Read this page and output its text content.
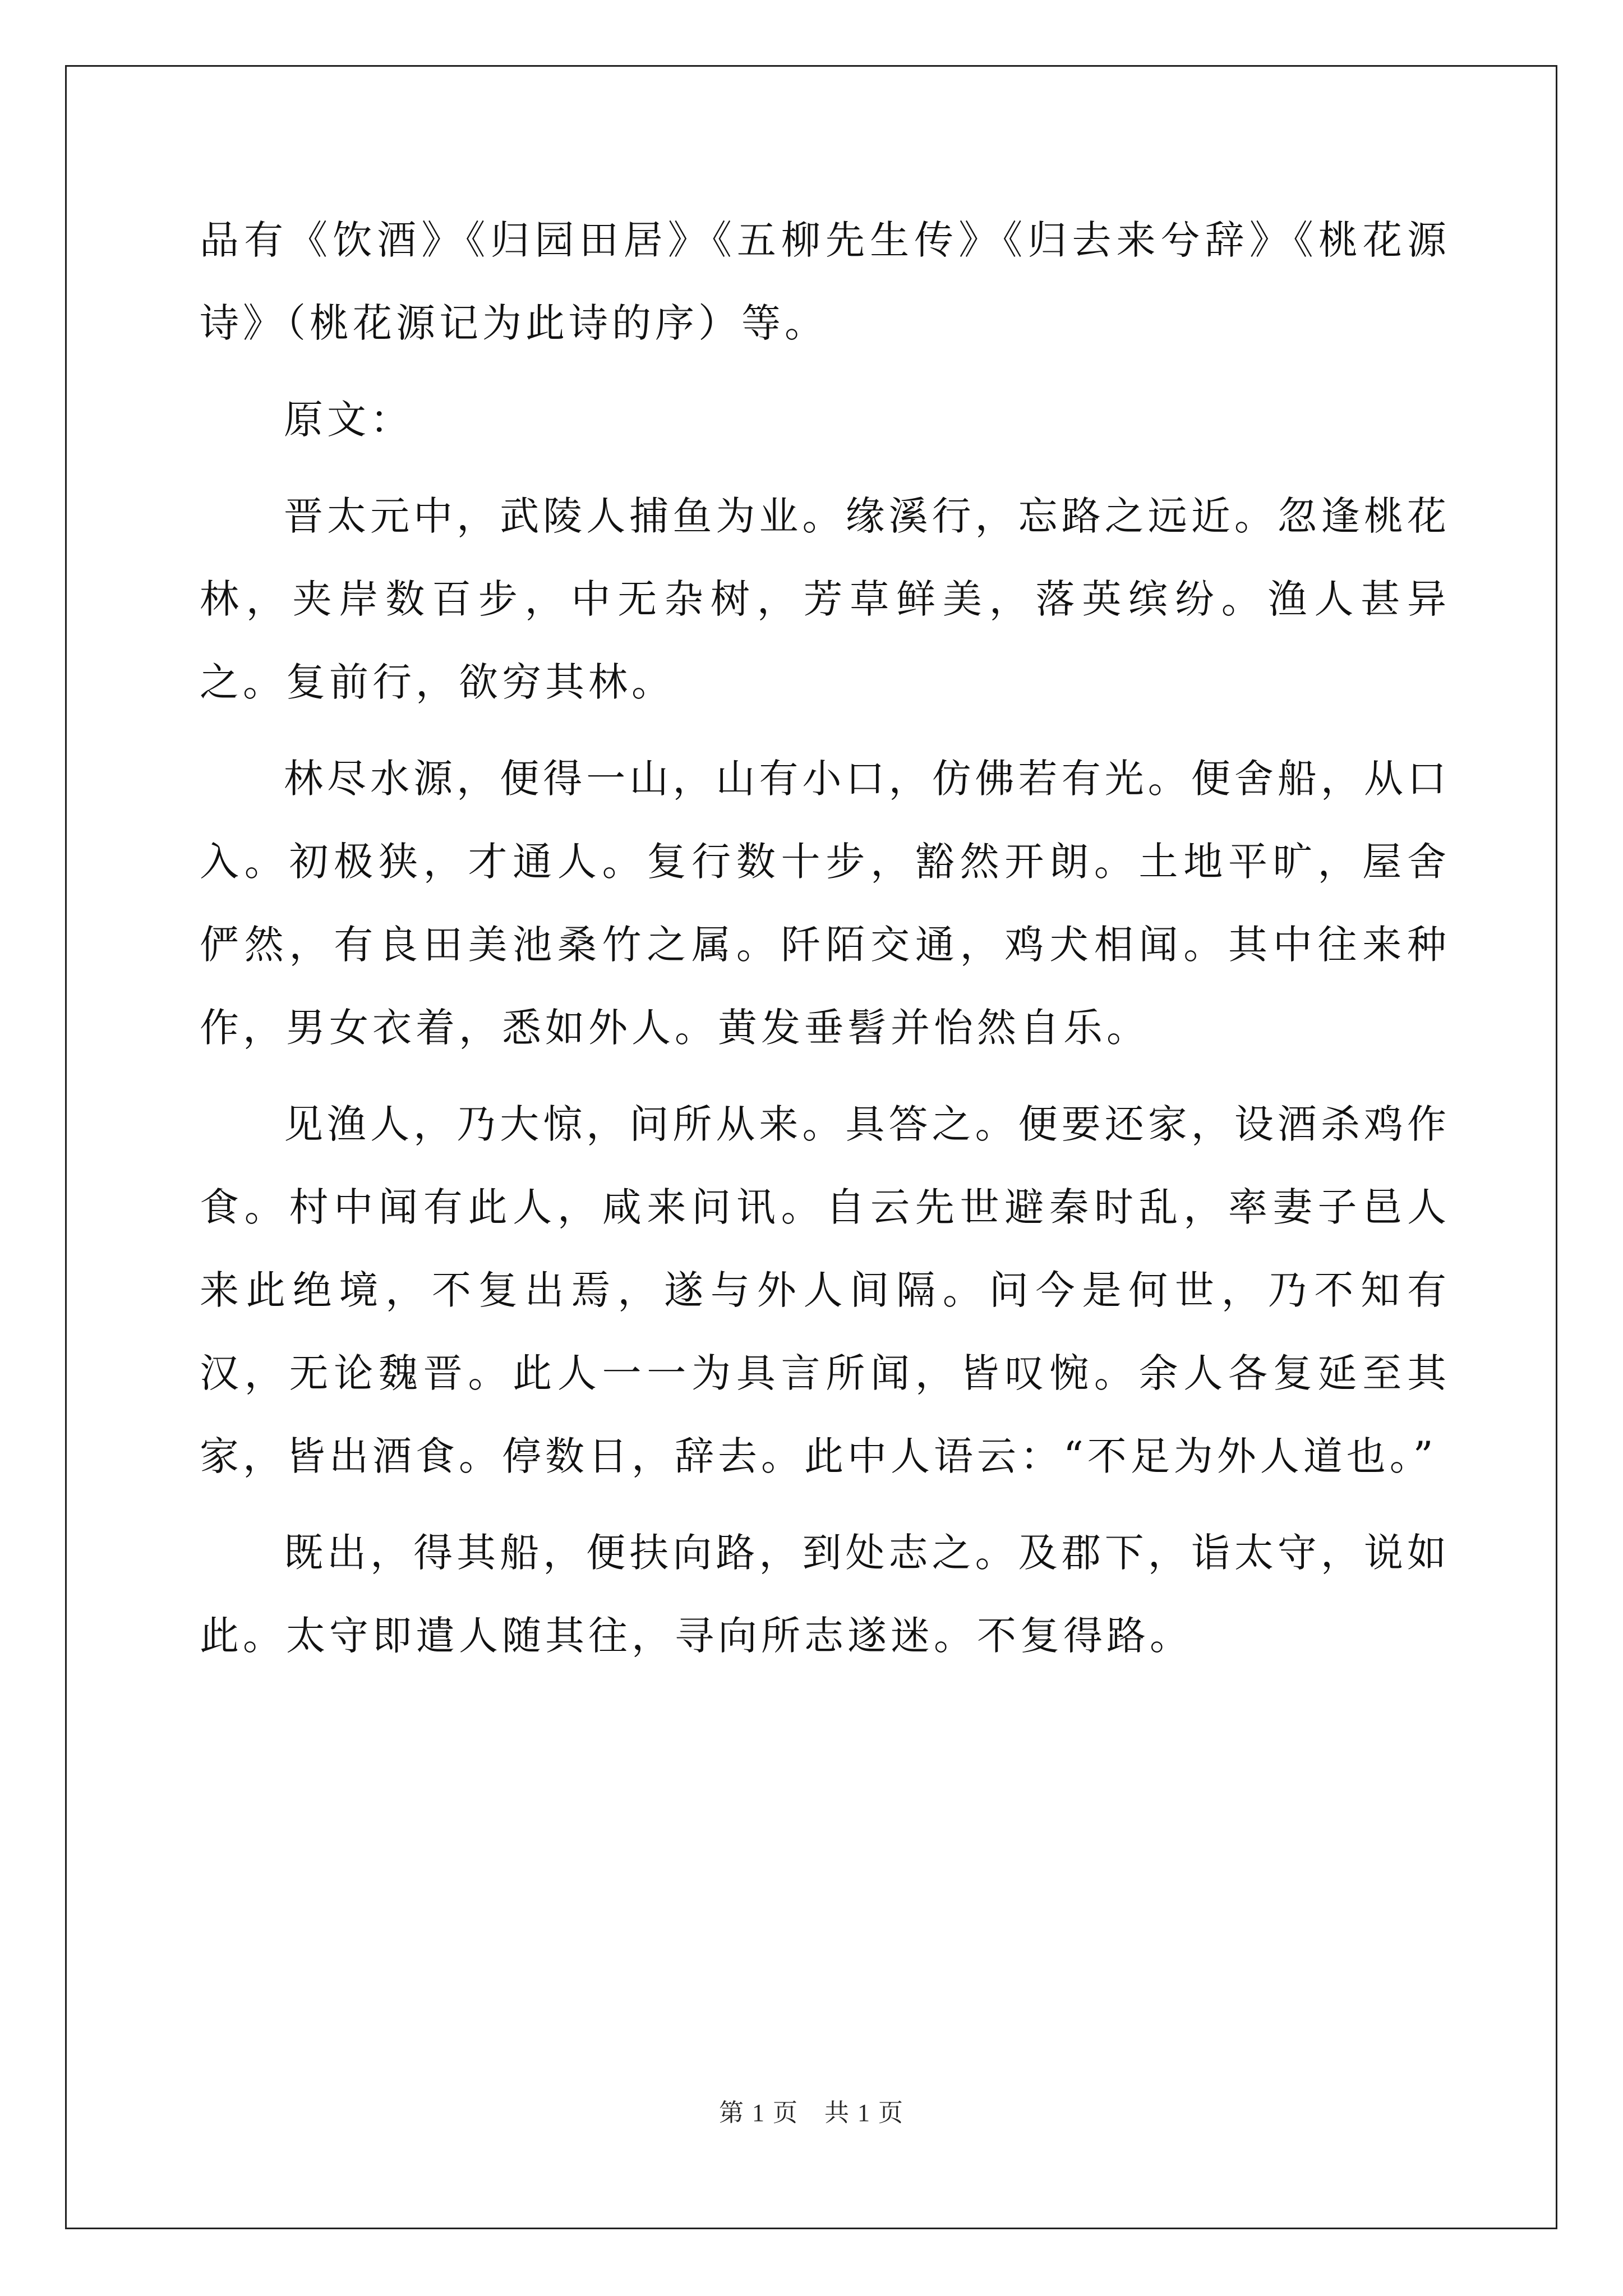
品有《饮酒》《归园田居》《五柳先生传》《归去来兮辞》《桃花源诗》（桃花源记为此诗的序）等。

原文：

晋太元中，武陵人捕鱼为业。缘溪行，忘路之远近。忽逢桃花林，夹岸数百步，中无杂树，芳草鲜美，落英缤纷。渔人甚异之。复前行，欲穷其林。

林尽水源，便得一山，山有小口，仿佛若有光。便舍船，从口入。初极狭，才通人。复行数十步，豁然开朗。土地平旷，屋舍俨然，有良田美池桑竹之属。阡陌交通，鸡犬相闻。其中往来种作，男女衣着，悉如外人。黄发垂髫并怡然自乐。

见渔人，乃大惊，问所从来。具答之。便要还家，设酒杀鸡作食。村中闻有此人，咸来问讯。自云先世避秦时乱，率妻子邑人来此绝境，不复出焉，遂与外人间隔。问今是何世，乃不知有汉，无论魏晋。此人一一为具言所闻，皆叹惋。余人各复延至其家，皆出酒食。停数日，辞去。此中人语云：“不足为外人道也。”

既出，得其船，便扶向路，到处志之。及郡下，诣太守，说如此。太守即遣人随其往，寻向所志遂迷。不复得路。

第 1 页　共 1 页
